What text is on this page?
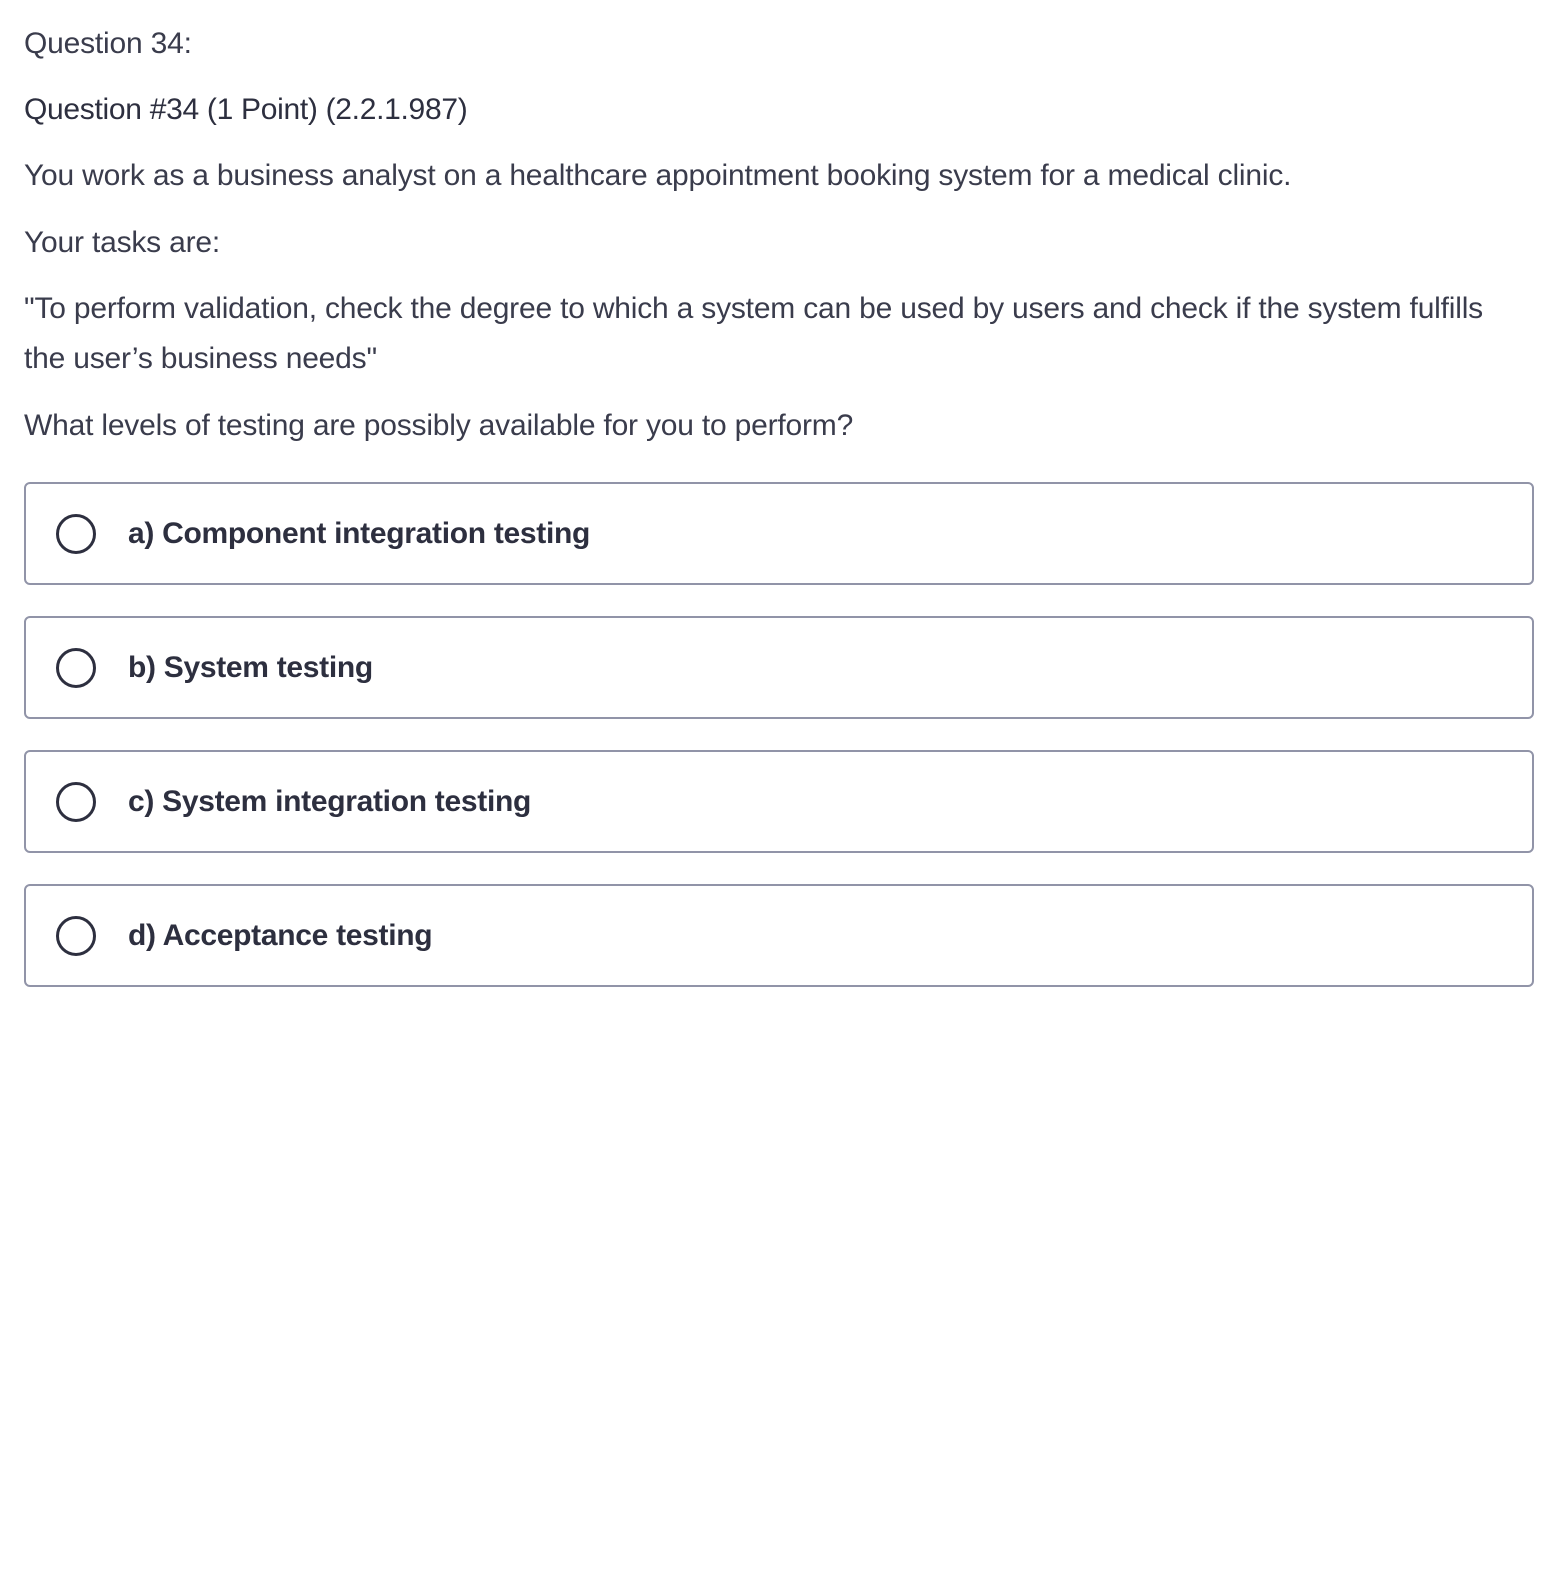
Question 34:

Question #34 (1 Point) (2.2.1.987)

You work as a business analyst on a healthcare appointment booking system for a medical clinic.

Your tasks are:

"To perform validation, check the degree to which a system can be used by users and check if the system fulfills the user’s business needs"

What levels of testing are possibly available for you to perform?

a) Component integration testing
b) System testing
c) System integration testing
d) Acceptance testing
